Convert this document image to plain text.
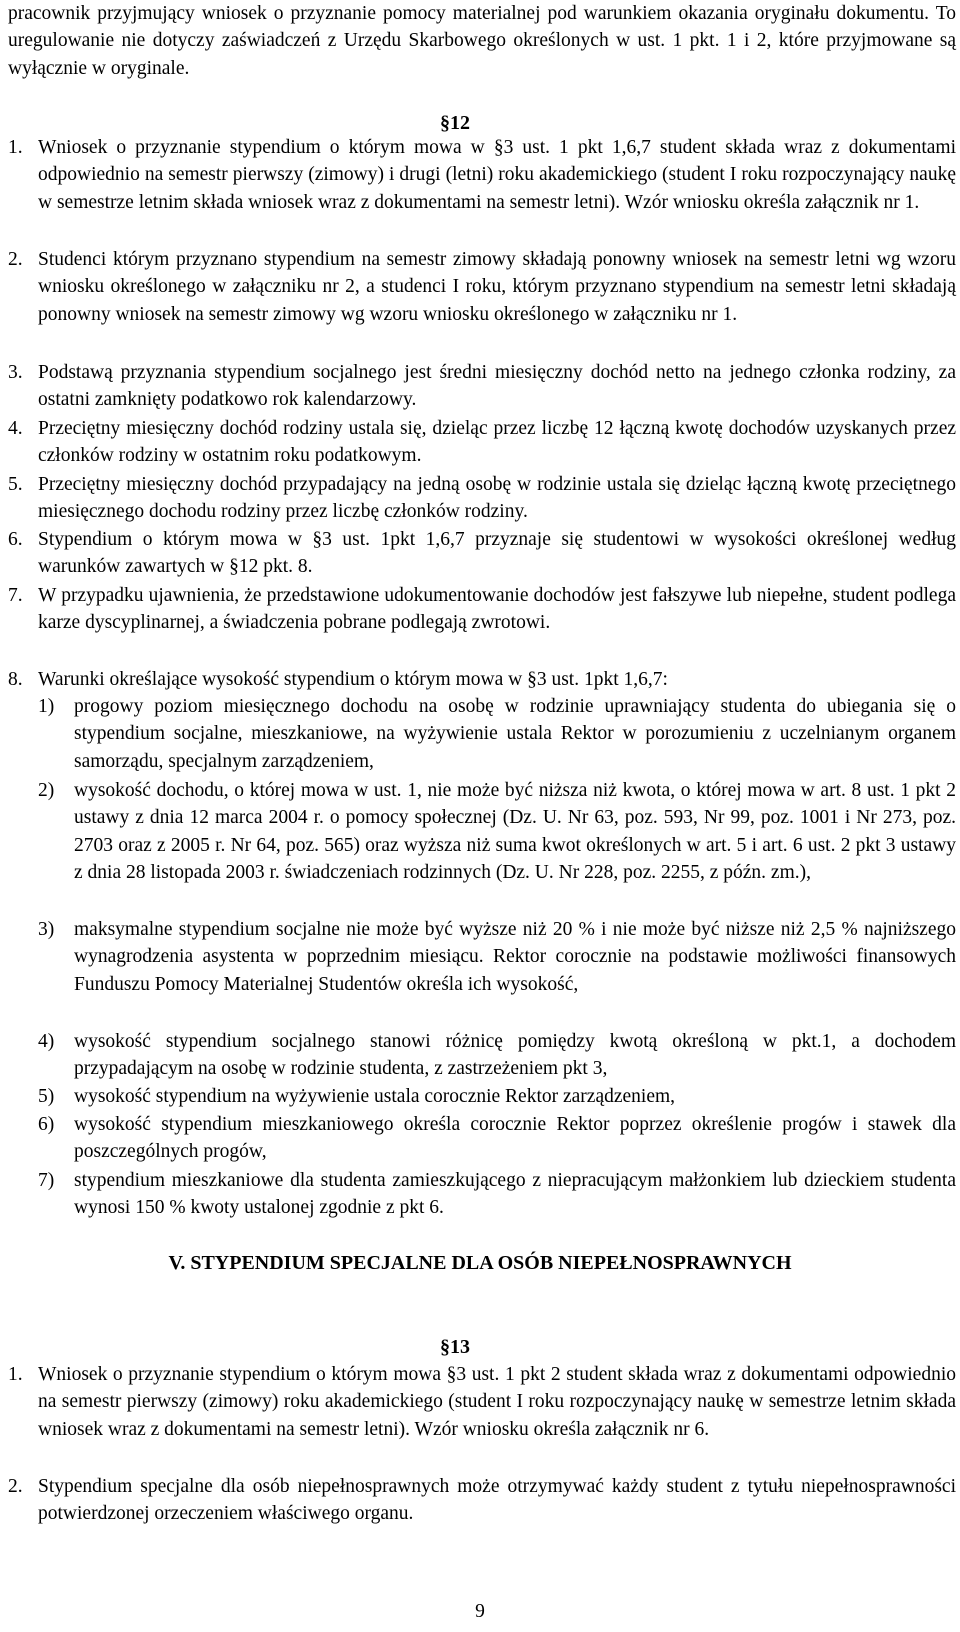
pracownik przyjmujący wniosek o przyznanie pomocy materialnej pod warunkiem okazania oryginału dokumentu. To uregulowanie nie dotyczy zaświadczeń z Urzędu Skarbowego określonych w ust. 1 pkt. 1 i 2, które przyjmowane są wyłącznie w oryginale.
§12
1. Wniosek o przyznanie stypendium o którym mowa w §3 ust. 1 pkt 1,6,7 student składa wraz z dokumentami odpowiednio na semestr pierwszy (zimowy) i drugi (letni) roku akademickiego (student I roku rozpoczynający naukę w semestrze letnim składa wniosek wraz z dokumentami na semestr letni). Wzór wniosku określa załącznik nr 1.
2. Studenci którym przyznano stypendium na semestr zimowy składają ponowny wniosek na semestr letni wg wzoru wniosku określonego w załączniku nr 2, a studenci I roku, którym przyznano stypendium na semestr letni składają ponowny wniosek na semestr zimowy wg wzoru wniosku określonego w załączniku nr 1.
3. Podstawą przyznania stypendium socjalnego jest średni miesięczny dochód netto na jednego członka rodziny, za ostatni zamknięty podatkowo rok kalendarzowy.
4. Przeciętny miesięczny dochód rodziny ustala się, dzieląc przez liczbę 12 łączną kwotę dochodów uzyskanych przez członków rodziny w ostatnim roku podatkowym.
5. Przeciętny miesięczny dochód przypadający na jedną osobę w rodzinie ustala się dzieląc łączną kwotę przeciętnego miesięcznego dochodu rodziny przez liczbę członków rodziny.
6. Stypendium o którym mowa w §3 ust. 1pkt 1,6,7 przyznaje się studentowi w wysokości określonej według warunków zawartych w §12 pkt. 8.
7. W przypadku ujawnienia, że przedstawione udokumentowanie dochodów jest fałszywe lub niepełne, student podlega karze dyscyplinarnej, a świadczenia pobrane podlegają zwrotowi.
8. Warunki określające wysokość stypendium o którym mowa w §3 ust. 1pkt 1,6,7:
1)	progowy poziom miesięcznego dochodu na osobę w rodzinie uprawniający studenta do ubiegania się o stypendium socjalne, mieszkaniowe, na wyżywienie ustala Rektor w porozumieniu z uczelnianym organem samorządu, specjalnym zarządzeniem,
2)	wysokość dochodu, o której mowa w ust. 1, nie może być niższa niż kwota, o której mowa w art. 8 ust. 1 pkt 2 ustawy z dnia 12 marca 2004 r. o pomocy społecznej (Dz. U. Nr 63, poz. 593, Nr 99, poz. 1001 i Nr 273, poz. 2703 oraz z 2005 r. Nr 64, poz. 565) oraz wyższa niż suma kwot określonych w art. 5 i art. 6 ust. 2 pkt 3 ustawy z dnia 28 listopada 2003 r. świadczeniach rodzinnych (Dz. U. Nr 228, poz. 2255, z późn. zm.),
3)	maksymalne stypendium socjalne nie może być wyższe niż 20 % i nie może być niższe niż 2,5 % najniższego wynagrodzenia asystenta w poprzednim miesiącu. Rektor corocznie na podstawie możliwości finansowych Funduszu Pomocy Materialnej Studentów określa ich wysokość,
4)	wysokość stypendium socjalnego stanowi różnicę pomiędzy kwotą określoną w pkt.1, a dochodem przypadającym na osobę w rodzinie studenta, z zastrzeżeniem pkt 3,
5)	wysokość stypendium na wyżywienie ustala corocznie Rektor zarządzeniem,
6)	wysokość stypendium mieszkaniowego określa corocznie Rektor poprzez określenie progów i stawek dla poszczególnych progów,
7)	stypendium mieszkaniowe dla studenta zamieszkującego z niepracującym małżonkiem lub dzieckiem studenta wynosi 150 % kwoty ustalonej zgodnie z pkt 6.
V. STYPENDIUM SPECJALNE DLA OSÓB NIEPEŁNOSPRAWNYCH
§13
1. Wniosek o przyznanie stypendium o którym mowa §3 ust. 1 pkt 2 student składa wraz z dokumentami odpowiednio na semestr pierwszy (zimowy) roku akademickiego (student I roku rozpoczynający naukę w semestrze letnim składa wniosek wraz z dokumentami na semestr letni). Wzór wniosku określa załącznik nr 6.
2. Stypendium specjalne dla osób niepełnosprawnych może otrzymywać każdy student z tytułu niepełnosprawności potwierdzonej orzeczeniem właściwego organu.
9
